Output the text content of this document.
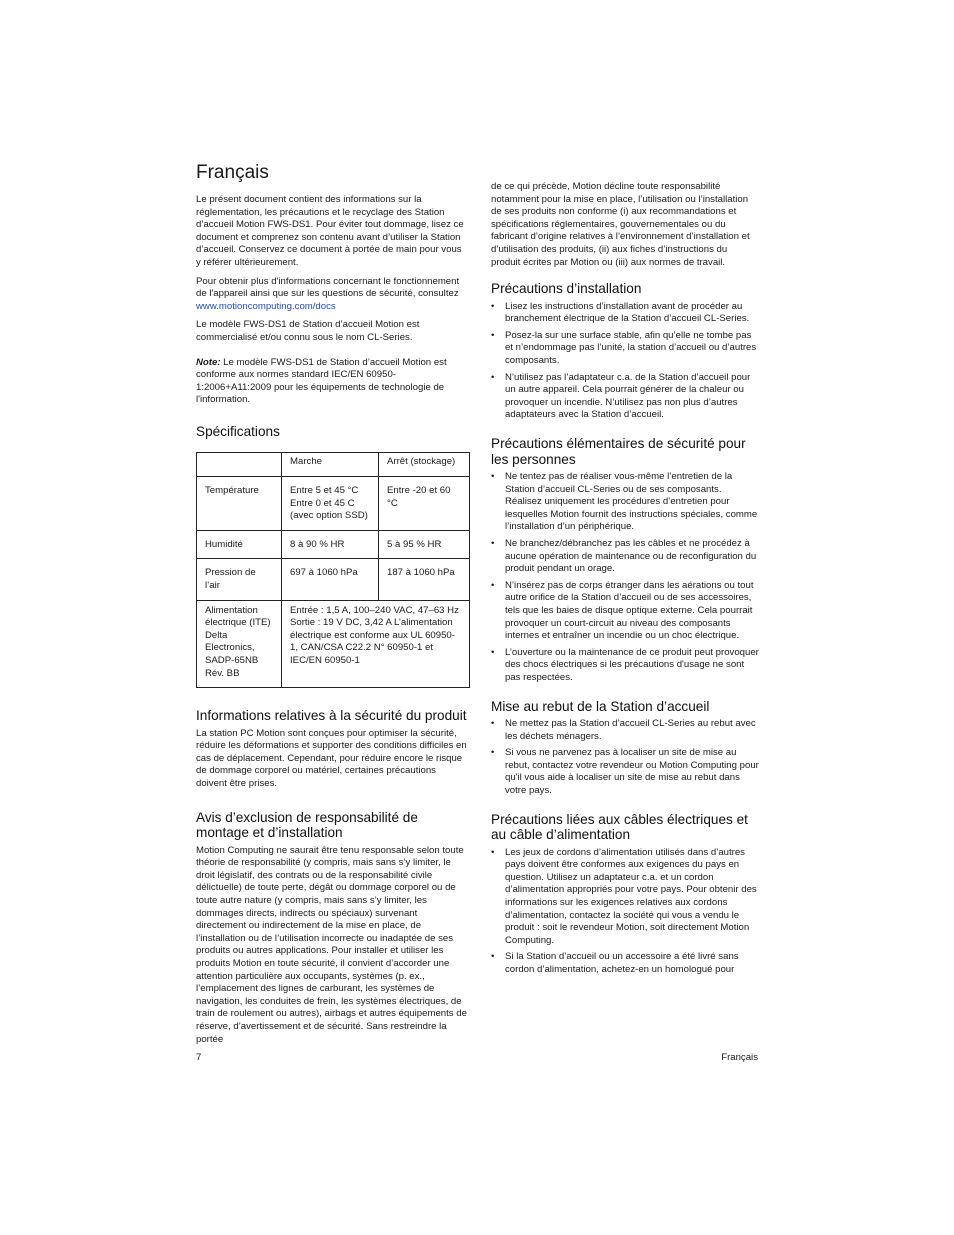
Français

Le présent document contient des informations sur la réglementation, les précautions et le recyclage des Station d’accueil Motion FWS-DS1. Pour éviter tout dommage, lisez ce document et comprenez son contenu avant d’utiliser la Station d’accueil. Conservez ce document à portée de main pour vous y référer ultérieurement.

Pour obtenir plus d'informations concernant le fonctionnement de l'appareil ainsi que sur les questions de sécurité, consultez www.motioncomputing.com/docs

Le modèle FWS-DS1 de Station d’accueil Motion est commercialisé et/ou connu sous le nom CL-Series.

Note: Le modèle FWS-DS1 de Station d’accueil Motion est conforme aux normes standard IEC/EN 60950-1:2006+A11:2009 pour les équipements de technologie de l'information.

Spécifications
	Marche	Arrêt (stockage)
Température	Entre 5 et 45 °C Entre 0 et 45 C (avec option SSD)	Entre -20 et 60 °C
Humidité	8 à 90 % HR	5 à 95 % HR
Pression de l’air	697 à 1060 hPa	187 à 1060 hPa
Alimentation électrique (ITE) Delta Electronics, SADP-65NB Rév. BB	Entrée : 1,5 A, 100–240 VAC, 47–63 Hz Sortie : 19 V DC, 3,42 A L’alimentation électrique est conforme aux UL 60950-1, CAN/CSA C22.2 N° 60950-1 et IEC/EN 60950-1	
Informations relatives à la sécurité du produit

La station PC Motion sont conçues pour optimiser la sécurité, réduire les déformations et supporter des conditions difficiles en cas de déplacement. Cependant, pour réduire encore le risque de dommage corporel ou matériel, certaines précautions doivent être prises.

Avis d’exclusion de responsabilité de montage et d’installation

Motion Computing ne saurait être tenu responsable selon toute théorie de responsabilité (y compris, mais sans s’y limiter, le droit législatif, des contrats ou de la responsabilité civile délictuelle) de toute perte, dégât ou dommage corporel ou de toute autre nature (y compris, mais sans s’y limiter, les dommages directs, indirects ou spéciaux) survenant directement ou indirectement de la mise en place, de l’installation ou de l’utilisation incorrecte ou inadaptée de ses produits ou autres applications. Pour installer et utiliser les produits Motion en toute sécurité, il convient d’accorder une attention particulière aux occupants, systèmes (p. ex., l’emplacement des lignes de carburant, les systèmes de navigation, les conduites de frein, les systèmes électriques, de train de roulement ou autres), airbags et autres équipements de réserve, d’avertissement et de sécurité. Sans restreindre la portée

de ce qui précède, Motion décline toute responsabilité notamment pour la mise en place, l’utilisation ou l’installation de ses produits non conforme (i) aux recommandations et spécifications réglementaires, gouvernementales ou du fabricant d’origine relatives à l’environnement d’installation et d’utilisation des produits, (ii) aux fiches d’instructions du produit écrites par Motion ou (iii) aux normes de travail.

Précautions d’installation
• Lisez les instructions d’installation avant de procéder au branchement électrique de la Station d’accueil CL-Series.
• Posez-la sur une surface stable, afin qu’elle ne tombe pas et n’endommage pas l’unité, la station d’accueil ou d’autres composants.
• N’utilisez pas l’adaptateur c.a. de la Station d’accueil pour un autre appareil. Cela pourrait générer de la chaleur ou provoquer un incendie. N’utilisez pas non plus d’autres adaptateurs avec la Station d’accueil.
Précautions élémentaires de sécurité pour les personnes
• Ne tentez pas de réaliser vous-même l’entretien de la Station d’accueil CL-Series ou de ses composants. Réalisez uniquement les procédures d’entretien pour lesquelles Motion fournit des instructions spéciales, comme l’installation d’un périphérique.
• Ne branchez/débranchez pas les câbles et ne procédez à aucune opération de maintenance ou de reconfiguration du produit pendant un orage.
• N’insérez pas de corps étranger dans les aérations ou tout autre orifice de la Station d’accueil ou de ses accessoires, tels que les baies de disque optique externe. Cela pourrait provoquer un court-circuit au niveau des composants internes et entraîner un incendie ou un choc électrique.
• L’ouverture ou la maintenance de ce produit peut provoquer des chocs électriques si les précautions d'usage ne sont pas respectées.
Mise au rebut de la Station d’accueil
• Ne mettez pas la Station d’accueil CL-Series au rebut avec les déchets ménagers.
• Si vous ne parvenez pas à localiser un site de mise au rebut, contactez votre revendeur ou Motion Computing pour qu'il vous aide à localiser un site de mise au rebut dans votre pays.
Précautions liées aux câbles électriques et au câble d’alimentation
• Les jeux de cordons d’alimentation utilisés dans d’autres pays doivent être conformes aux exigences du pays en question. Utilisez un adaptateur c.a. et un cordon d’alimentation appropriés pour votre pays. Pour obtenir des informations sur les exigences relatives aux cordons d’alimentation, contactez la société qui vous a vendu le produit : soit le revendeur Motion, soit directement Motion Computing.
• Si la Station d’accueil ou un accessoire a été livré sans cordon d’alimentation, achetez-en un homologué pour
7	Français
